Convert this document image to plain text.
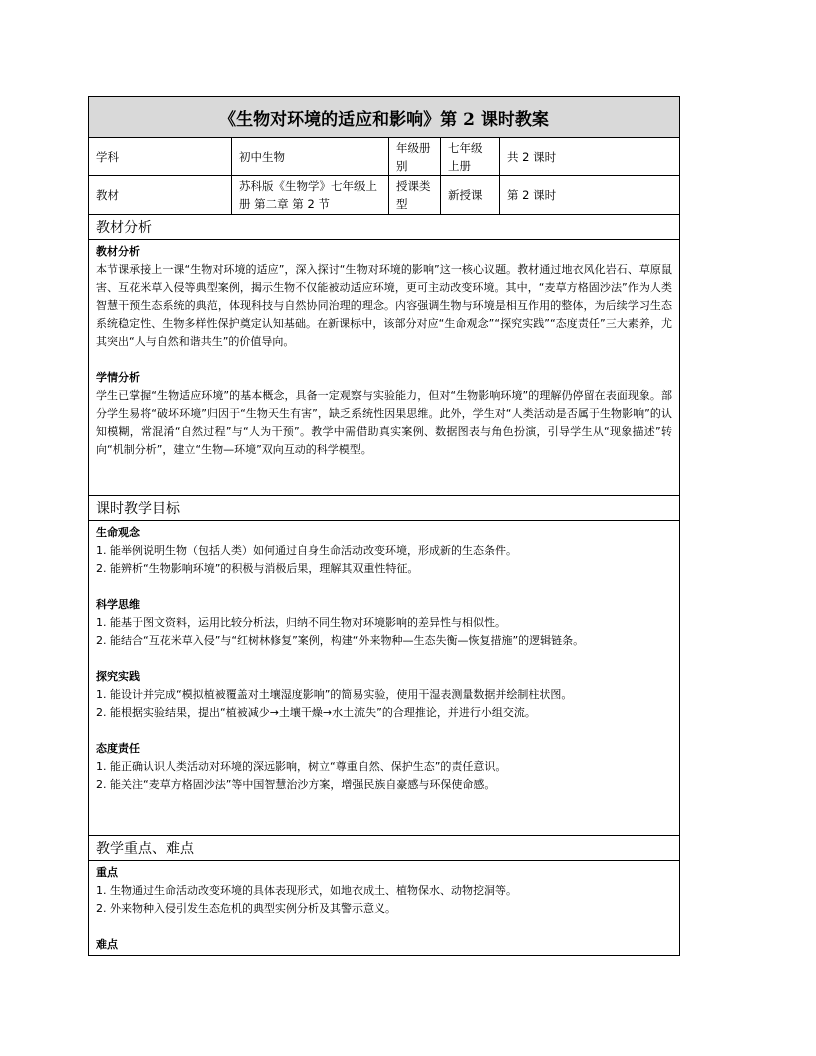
《生物对环境的适应和影响》第 2 课时教案
学科	初中生物
年级册别
七年级上册
共 2 课时
教材
苏科版《生物学》七年级上册 第二章 第 2 节
授课类型
新授课	第 2 课时
教材分析
教材分析
本节课承接上一课“生物对环境的适应”，深入探讨“生物对环境的影响”这一核心议题。教材通过地衣风化岩石、草原鼠害、互花米草入侵等典型案例，揭示生物不仅能被动适应环境，更可主动改变环境。其中，“麦草方格固沙法”作为人类智慧干预生态系统的典范，体现科技与自然协同治理的理念。内容强调生物与环境是相互作用的整体，为后续学习生态系统稳定性、生物多样性保护奠定认知基础。在新课标中，该部分对应“生命观念”“探究实践”“态度责任”三大素养，尤其突出“人与自然和谐共生”的价值导向。
学情分析
学生已掌握“生物适应环境”的基本概念，具备一定观察与实验能力，但对“生物影响环境”的理解仍停留在表面现象。部分学生易将“破坏环境”归因于“生物天生有害”，缺乏系统性因果思维。此外，学生对“人类活动是否属于生物影响”的认知模糊，常混淆“自然过程”与“人为干预”。教学中需借助真实案例、数据图表与角色扮演，引导学生从“现象描述”转向“机制分析”，建立“生物—环境”双向互动的科学模型。
课时教学目标
生命观念
1. 能举例说明生物（包括人类）如何通过自身生命活动改变环境，形成新的生态条件。
2. 能辨析“生物影响环境”的积极与消极后果，理解其双重性特征。
科学思维
1. 能基于图文资料，运用比较分析法，归纳不同生物对环境影响的差异性与相似性。
2. 能结合“互花米草入侵”与“红树林修复”案例，构建“外来物种—生态失衡—恢复措施”的逻辑链条。
探究实践
1. 能设计并完成“模拟植被覆盖对土壤湿度影响”的简易实验，使用干湿表测量数据并绘制柱状图。
2. 能根据实验结果，提出“植被减少→土壤干燥→水土流失”的合理推论，并进行小组交流。
态度责任
1. 能正确认识人类活动对环境的深远影响，树立“尊重自然、保护生态”的责任意识。
2. 能关注“麦草方格固沙法”等中国智慧治沙方案，增强民族自豪感与环保使命感。
教学重点、难点
重点
1. 生物通过生命活动改变环境的具体表现形式，如地衣成土、植物保水、动物挖洞等。
2. 外来物种入侵引发生态危机的典型实例分析及其警示意义。
难点
